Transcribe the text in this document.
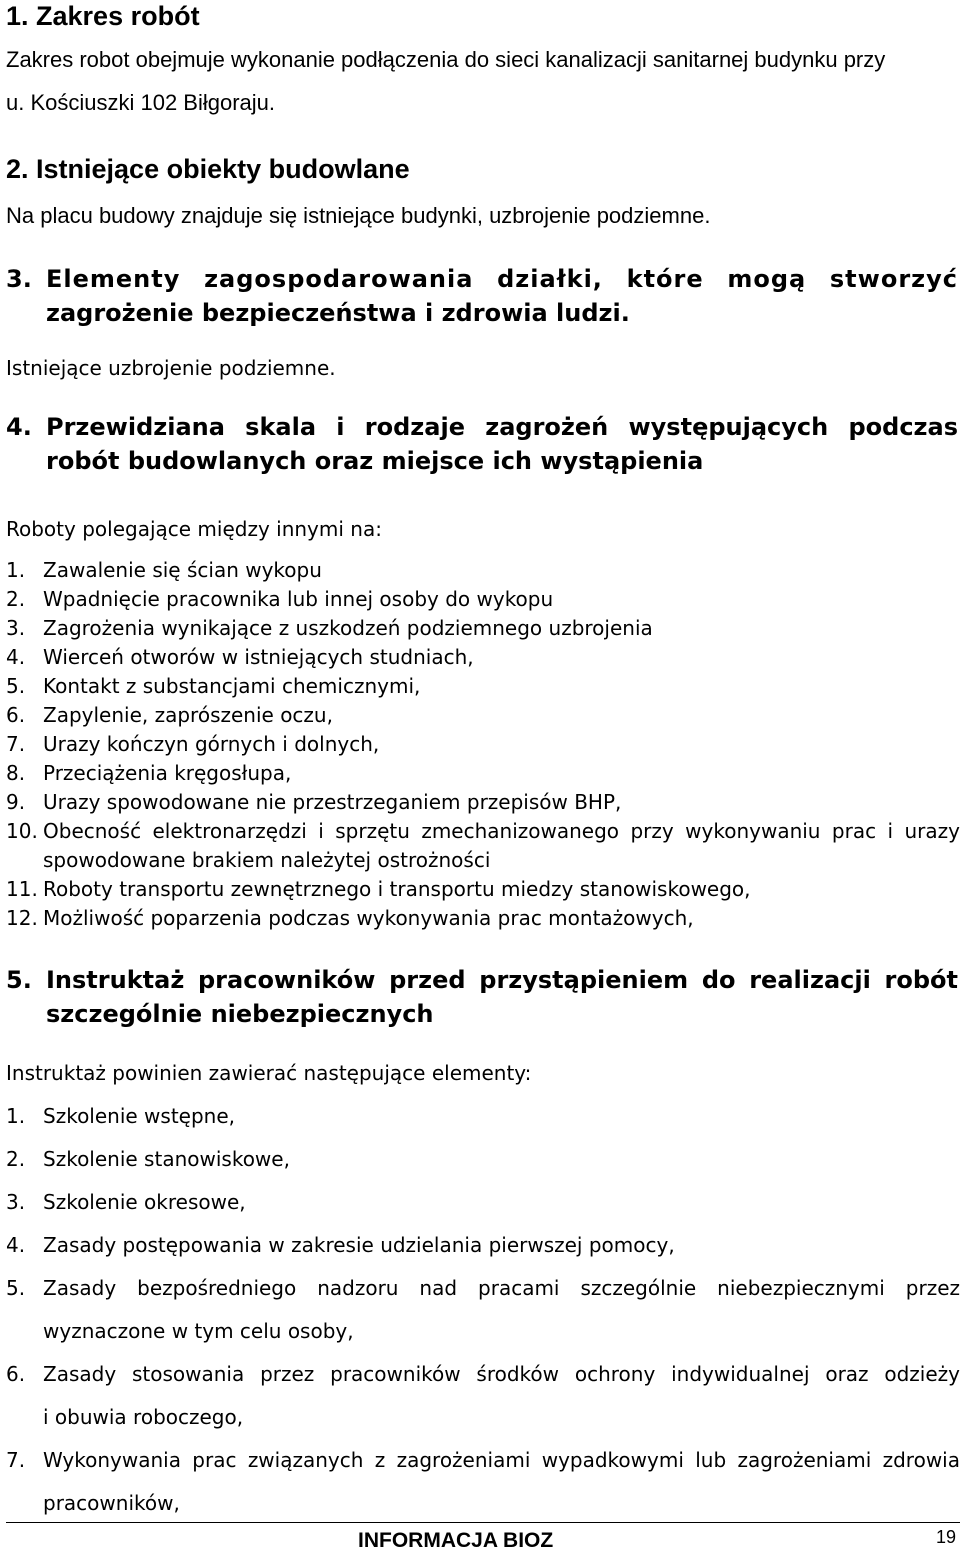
1. Zakres robót

Zakres robot obejmuje wykonanie podłączenia do sieci kanalizacji sanitarnej budynku przy

u. Kościuszki 102 Biłgoraju.

2. Istniejące obiekty budowlane

Na placu budowy znajduje się istniejące budynki, uzbrojenie podziemne.

3. Elementy zagospodarowania działki, które mogą stworzyć
zagrożenie bezpieczeństwa i zdrowia ludzi.

Istniejące uzbrojenie podziemne.

4. Przewidziana skala i rodzaje zagrożeń występujących podczas
robót budowlanych oraz miejsce ich wystąpienia

Roboty polegające między innymi na:

1. Zawalenie się ścian wykopu
2. Wpadnięcie pracownika lub innej osoby do wykopu
3. Zagrożenia wynikające z uszkodzeń podziemnego uzbrojenia
4. Wierceń otworów w istniejących studniach,
5. Kontakt z substancjami chemicznymi,
6. Zapylenie, zaprószenie oczu,
7. Urazy kończyn górnych i dolnych,
8. Przeciążenia kręgosłupa,
9. Urazy spowodowane nie przestrzeganiem przepisów BHP,
10. Obecność elektronarzędzi i sprzętu zmechanizowanego przy wykonywaniu prac i urazy
spowodowane brakiem należytej ostrożności
11. Roboty transportu zewnętrznego i transportu miedzy stanowiskowego,
12. Możliwość poparzenia podczas wykonywania prac montażowych,
5. Instruktaż pracowników przed przystąpieniem do realizacji robót
szczególnie niebezpiecznych

Instruktaż powinien zawierać następujące elementy:

1. Szkolenie wstępne,
2. Szkolenie stanowiskowe,
3. Szkolenie okresowe,
4. Zasady postępowania w zakresie udzielania pierwszej pomocy,
5. Zasady bezpośredniego nadzoru nad pracami szczególnie niebezpiecznymi przez
wyznaczone w tym celu osoby,
6. Zasady stosowania przez pracowników środków ochrony indywidualnej oraz odzieży
i obuwia roboczego,
7. Wykonywania prac związanych z zagrożeniami wypadkowymi lub zagrożeniami zdrowia
pracowników,
INFORMACJA BIOZ	19
